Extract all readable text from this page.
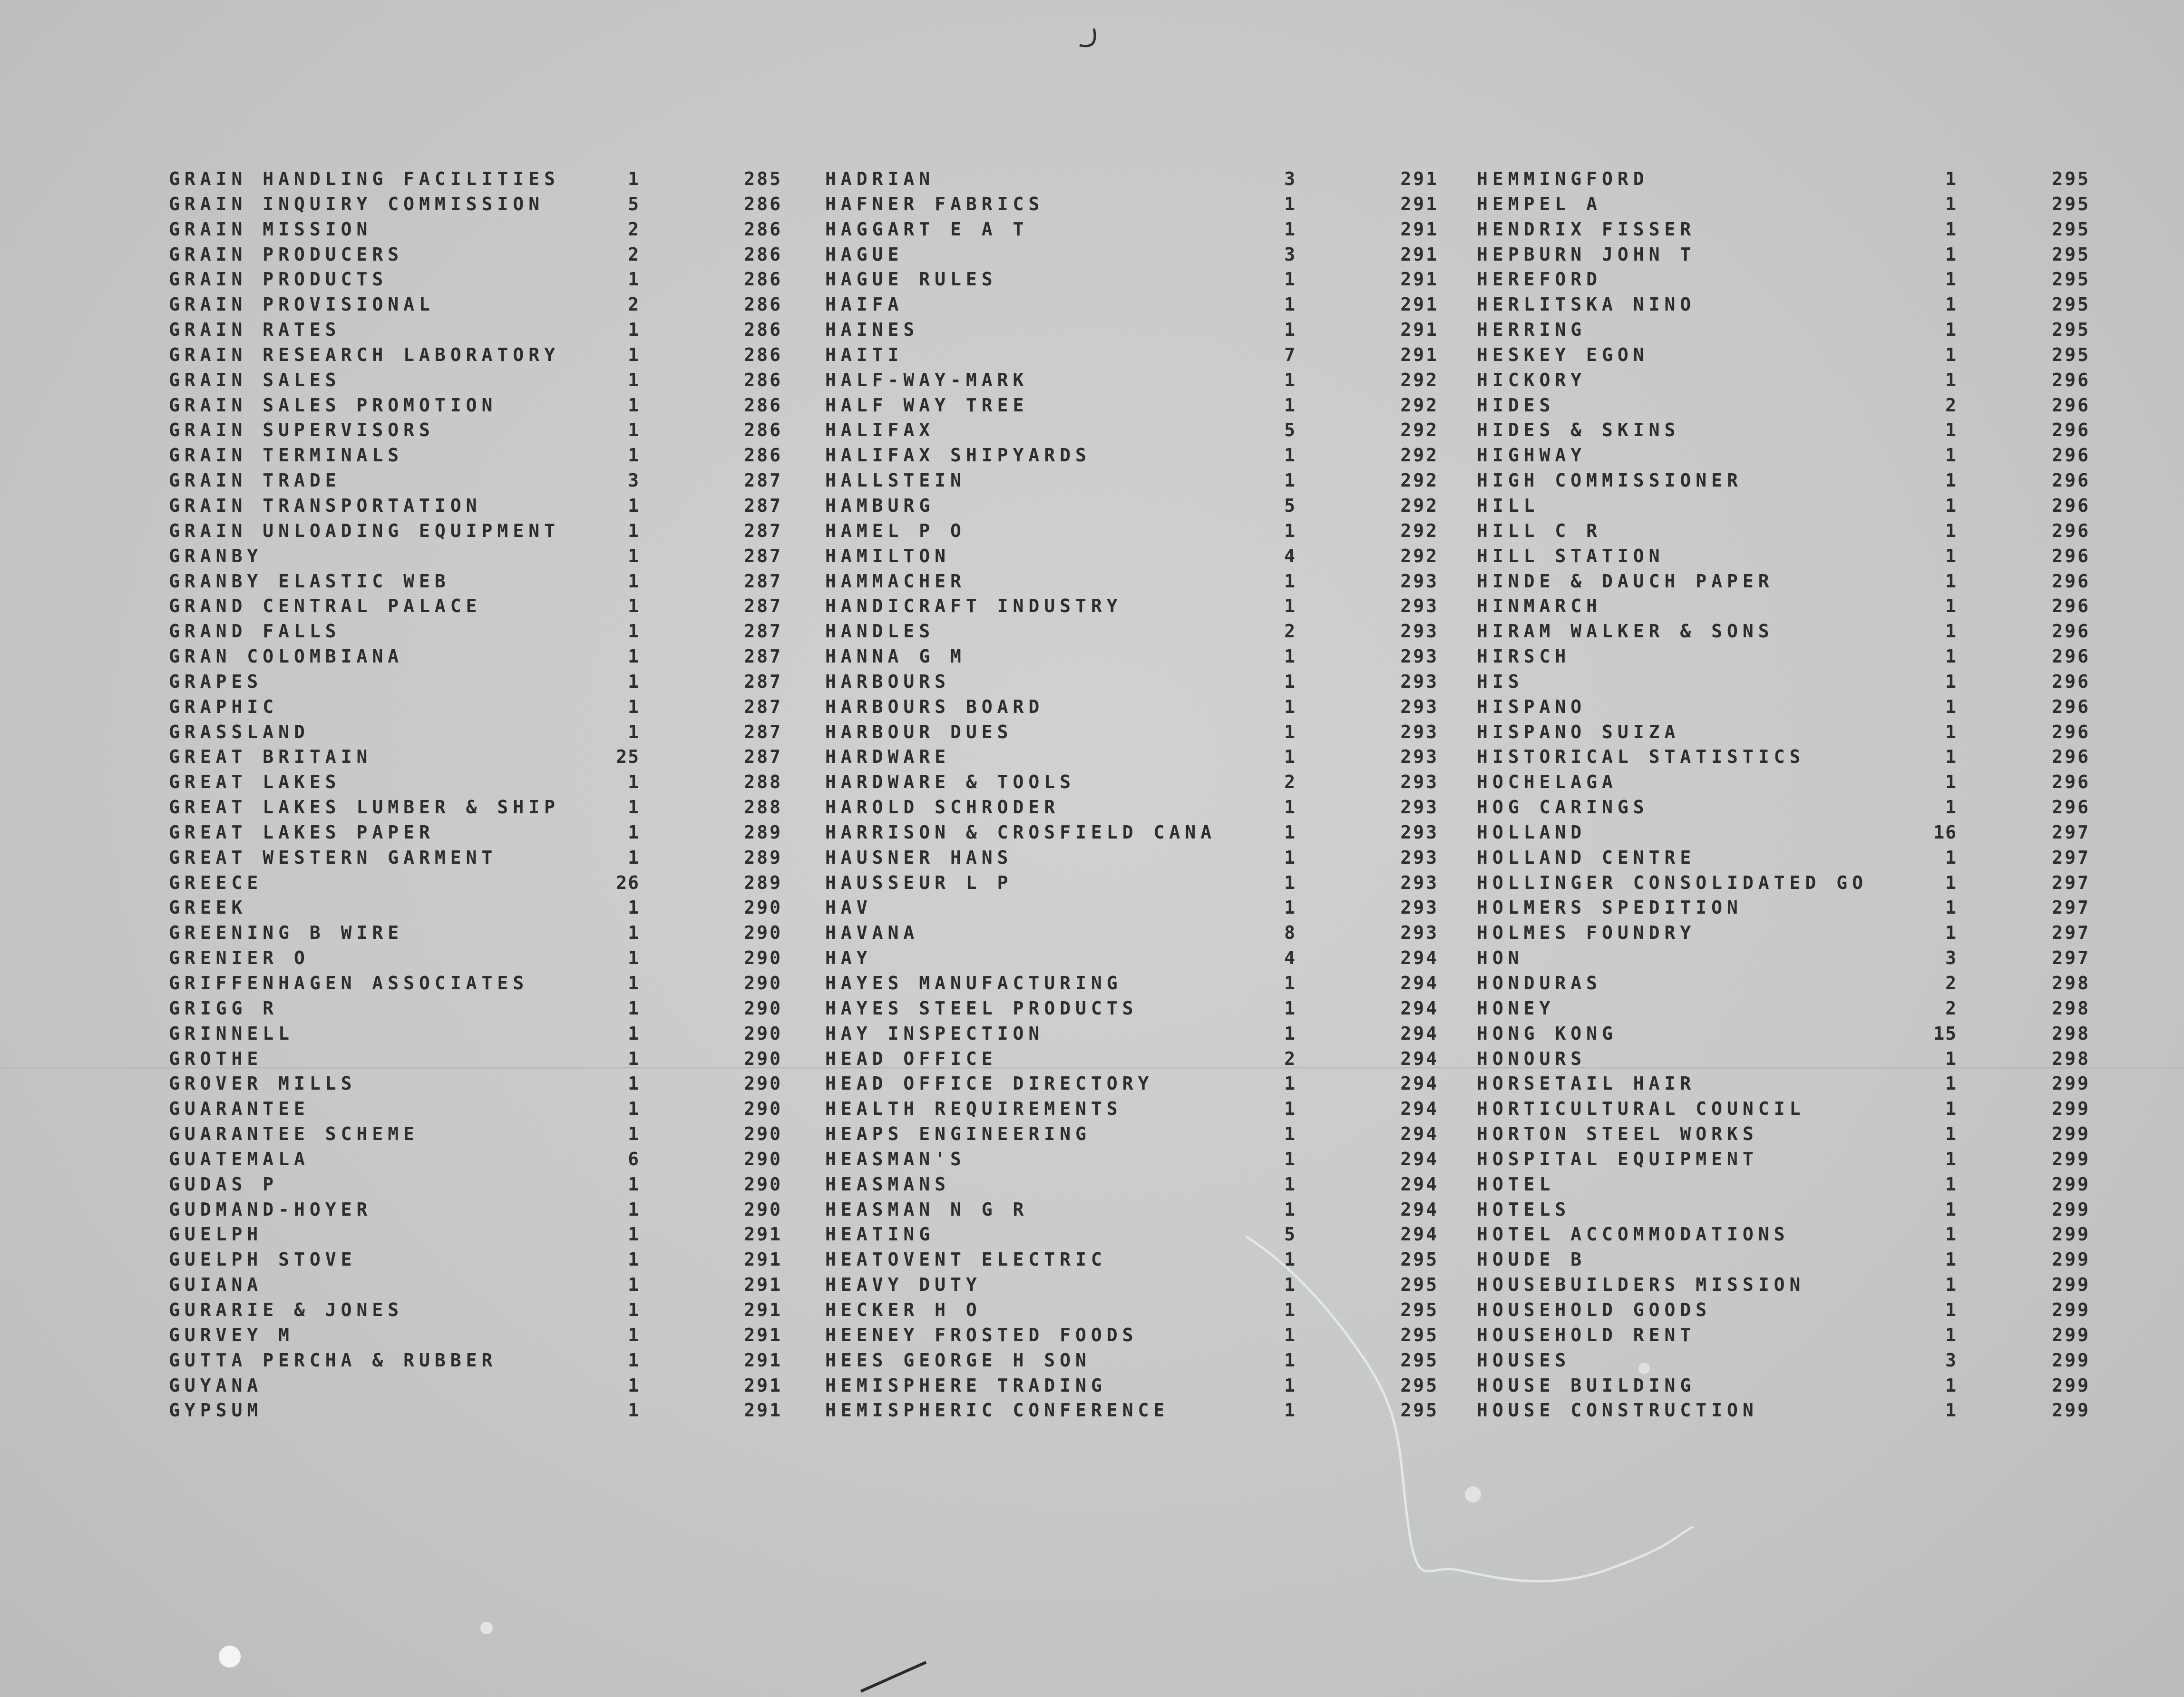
GRAIN HANDLING FACILITIES	1	285
GRAIN INQUIRY COMMISSION	5	286
GRAIN MISSION	2	286
GRAIN PRODUCERS	2	286
GRAIN PRODUCTS	1	286
GRAIN PROVISIONAL	2	286
GRAIN RATES	1	286
GRAIN RESEARCH LABORATORY	1	286
GRAIN SALES	1	286
GRAIN SALES PROMOTION	1	286
GRAIN SUPERVISORS	1	286
GRAIN TERMINALS	1	286
GRAIN TRADE	3	287
GRAIN TRANSPORTATION	1	287
GRAIN UNLOADING EQUIPMENT	1	287
GRANBY	1	287
GRANBY ELASTIC WEB	1	287
GRAND CENTRAL PALACE	1	287
GRAND FALLS	1	287
GRAN COLOMBIANA	1	287
GRAPES	1	287
GRAPHIC	1	287
GRASSLAND	1	287
GREAT BRITAIN	25	287
GREAT LAKES	1	288
GREAT LAKES LUMBER & SHIP	1	288
GREAT LAKES PAPER	1	289
GREAT WESTERN GARMENT	1	289
GREECE	26	289
GREEK	1	290
GREENING B WIRE	1	290
GRENIER O	1	290
GRIFFENHAGEN ASSOCIATES	1	290
GRIGG R	1	290
GRINNELL	1	290
GROTHE	1	290
GROVER MILLS	1	290
GUARANTEE	1	290
GUARANTEE SCHEME	1	290
GUATEMALA	6	290
GUDAS P	1	290
GUDMAND-HOYER	1	290
GUELPH	1	291
GUELPH STOVE	1	291
GUIANA	1	291
GURARIE & JONES	1	291
GURVEY M	1	291
GUTTA PERCHA & RUBBER	1	291
GUYANA	1	291
GYPSUM	1	291
HADRIAN	3	291
HAFNER FABRICS	1	291
HAGGART E A T	1	291
HAGUE	3	291
HAGUE RULES	1	291
HAIFA	1	291
HAINES	1	291
HAITI	7	291
HALF-WAY-MARK	1	292
HALF WAY TREE	1	292
HALIFAX	5	292
HALIFAX SHIPYARDS	1	292
HALLSTEIN	1	292
HAMBURG	5	292
HAMEL P O	1	292
HAMILTON	4	292
HAMMACHER	1	293
HANDICRAFT INDUSTRY	1	293
HANDLES	2	293
HANNA G M	1	293
HARBOURS	1	293
HARBOURS BOARD	1	293
HARBOUR DUES	1	293
HARDWARE	1	293
HARDWARE & TOOLS	2	293
HAROLD SCHRODER	1	293
HARRISON & CROSFIELD CANA	1	293
HAUSNER HANS	1	293
HAUSSEUR L P	1	293
HAV	1	293
HAVANA	8	293
HAY	4	294
HAYES MANUFACTURING	1	294
HAYES STEEL PRODUCTS	1	294
HAY INSPECTION	1	294
HEAD OFFICE	2	294
HEAD OFFICE DIRECTORY	1	294
HEALTH REQUIREMENTS	1	294
HEAPS ENGINEERING	1	294
HEASMAN'S	1	294
HEASMANS	1	294
HEASMAN N G R	1	294
HEATING	5	294
HEATOVENT ELECTRIC	1	295
HEAVY DUTY	1	295
HECKER H O	1	295
HEENEY FROSTED FOODS	1	295
HEES GEORGE H SON	1	295
HEMISPHERE TRADING	1	295
HEMISPHERIC CONFERENCE	1	295
HEMMINGFORD	1	295
HEMPEL A	1	295
HENDRIX FISSER	1	295
HEPBURN JOHN T	1	295
HEREFORD	1	295
HERLITSKA NINO	1	295
HERRING	1	295
HESKEY EGON	1	295
HICKORY	1	296
HIDES	2	296
HIDES & SKINS	1	296
HIGHWAY	1	296
HIGH COMMISSIONER	1	296
HILL	1	296
HILL C R	1	296
HILL STATION	1	296
HINDE & DAUCH PAPER	1	296
HINMARCH	1	296
HIRAM WALKER & SONS	1	296
HIRSCH	1	296
HIS	1	296
HISPANO	1	296
HISPANO SUIZA	1	296
HISTORICAL STATISTICS	1	296
HOCHELAGA	1	296
HOG CARINGS	1	296
HOLLAND	16	297
HOLLAND CENTRE	1	297
HOLLINGER CONSOLIDATED GO	1	297
HOLMERS SPEDITION	1	297
HOLMES FOUNDRY	1	297
HON	3	297
HONDURAS	2	298
HONEY	2	298
HONG KONG	15	298
HONOURS	1	298
HORSETAIL HAIR	1	299
HORTICULTURAL COUNCIL	1	299
HORTON STEEL WORKS	1	299
HOSPITAL EQUIPMENT	1	299
HOTEL	1	299
HOTELS	1	299
HOTEL ACCOMMODATIONS	1	299
HOUDE B	1	299
HOUSEBUILDERS MISSION	1	299
HOUSEHOLD GOODS	1	299
HOUSEHOLD RENT	1	299
HOUSES	3	299
HOUSE BUILDING	1	299
HOUSE CONSTRUCTION	1	299
